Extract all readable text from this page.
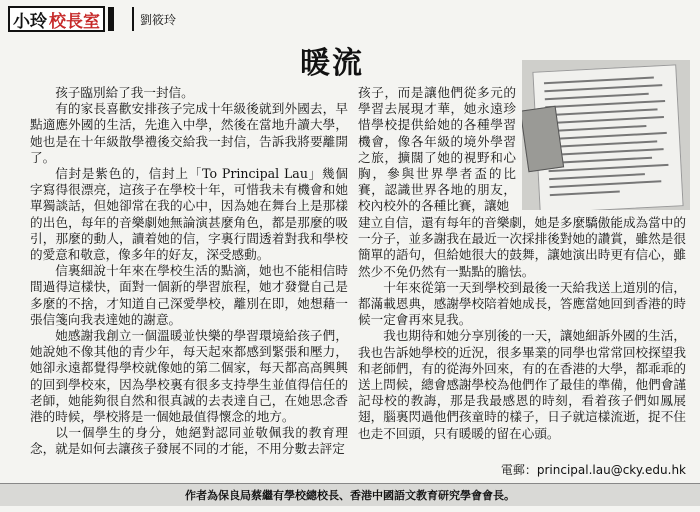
小玲 校長室	劉筱玲
暖流

孩子臨別給了我一封信。

有的家長喜歡安排孩子完成十年級後就到外國去，早點適應外國的生活，先進入中學，然後在當地升讀大學，她也是在十年級散學禮後交給我一封信，告訴我將要離開了。

信封是紫色的，信封上「To Principal Lau」幾個字寫得很漂亮，這孩子在學校十年，可惜我未有機會和她單獨談話，但她卻常在我的心中，因為她在舞台上是那樣的出色，每年的音樂劇她無論演甚麼角色，都是那麼的吸引，那麼的動人，讀着她的信，字裏行間透着對我和學校的愛意和敬意，像多年的好友，深受感動。

信裏細說十年來在學校生活的點滴，她也不能相信時間過得這樣快，面對一個新的學習旅程，她才發覺自己是多麼的不捨，才知道自己深愛學校，離別在即，她想藉一張信箋向我表達她的謝意。

她感謝我創立一個溫暖並快樂的學習環境給孩子們，她說她不像其他的青少年，每天起來都感到緊張和壓力，她卻永遠都覺得學校就像她的第二個家，每天都高高興興的回到學校來，因為學校裏有很多支持學生並值得信任的老師，她能夠很自然和很真誠的去表達自己，在她思念香港的時候，學校將是一個她最值得懷念的地方。

以一個學生的身分，她絕對認同並敬佩我的教育理念，就是如何去讓孩子發展不同的才能，不用分數去評定

孩子，而是讓他們從多元的學習去展現才華，她永遠珍惜學校提供給她的各種學習機會，像各年級的境外學習之旅，擴闊了她的視野和心胸，參與世界學者盃的比賽，認識世界各地的朋友，校內校外的各種比賽，讓她

建立自信，還有每年的音樂劇，她是多麼驕傲能成為當中的一分子，並多謝我在最近一次採排後對她的讚賞，雖然是很簡單的語句，但給她很大的鼓舞，讓她演出時更有信心，雖然少不免仍然有一點點的膽怯。

十年來從第一天到學校到最後一天給我送上道別的信，都滿載恩典，感謝學校陪着她成長，答應當她回到香港的時候一定會再來見我。

我也期待和她分享別後的一天，讓她細訴外國的生活，我也告訴她學校的近況，很多畢業的同學也常常回校探望我和老師們，有的從海外回來，有的在香港的大學，都乖乖的送上問候，總會感謝學校為他們作了最佳的準備，他們會謹記母校的教誨，那是我最感恩的時刻，看着孩子們如鳳展翅，腦裏閃過他們孩童時的樣子，日子就這樣流逝，捉不住也走不回頭，只有暖暖的留在心頭。

電郵：principal.lau@cky.edu.hk
作者為保良局蔡繼有學校總校長、香港中國語文教育研究學會會長。
